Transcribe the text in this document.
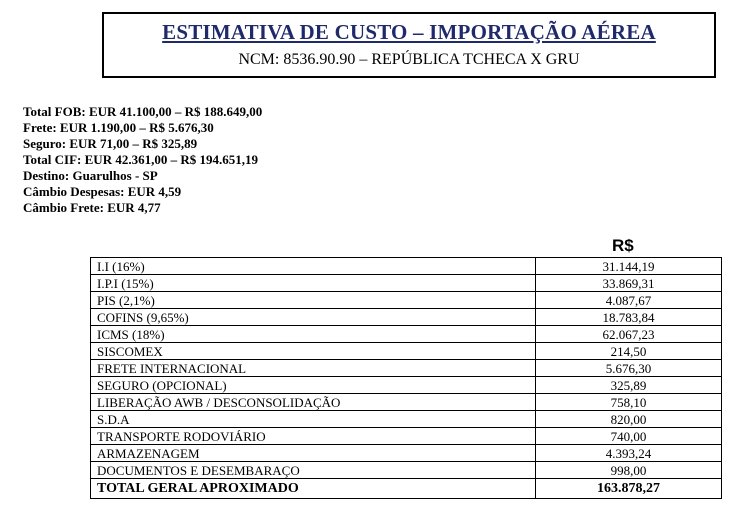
ESTIMATIVA DE CUSTO – IMPORTAÇÃO AÉREA
NCM: 8536.90.90 – REPÚBLICA TCHECA X GRU
Total FOB: EUR 41.100,00 – R$ 188.649,00
Frete: EUR 1.190,00 – R$ 5.676,30
Seguro: EUR 71,00 – R$ 325,89
Total CIF: EUR 42.361,00 – R$ 194.651,19
Destino: Guarulhos - SP
Câmbio Despesas: EUR 4,59
Câmbio Frete: EUR 4,77
R$
I.I (16%)	31.144,19
I.P.I (15%)	33.869,31
PIS (2,1%)	4.087,67
COFINS (9,65%)	18.783,84
ICMS (18%)	62.067,23
SISCOMEX	214,50
FRETE INTERNACIONAL	5.676,30
SEGURO (OPCIONAL)	325,89
LIBERAÇÃO AWB / DESCONSOLIDAÇÃO	758,10
S.D.A	820,00
TRANSPORTE RODOVIÁRIO	740,00
ARMAZENAGEM	4.393,24
DOCUMENTOS E DESEMBARAÇO	998,00
TOTAL GERAL APROXIMADO	163.878,27
